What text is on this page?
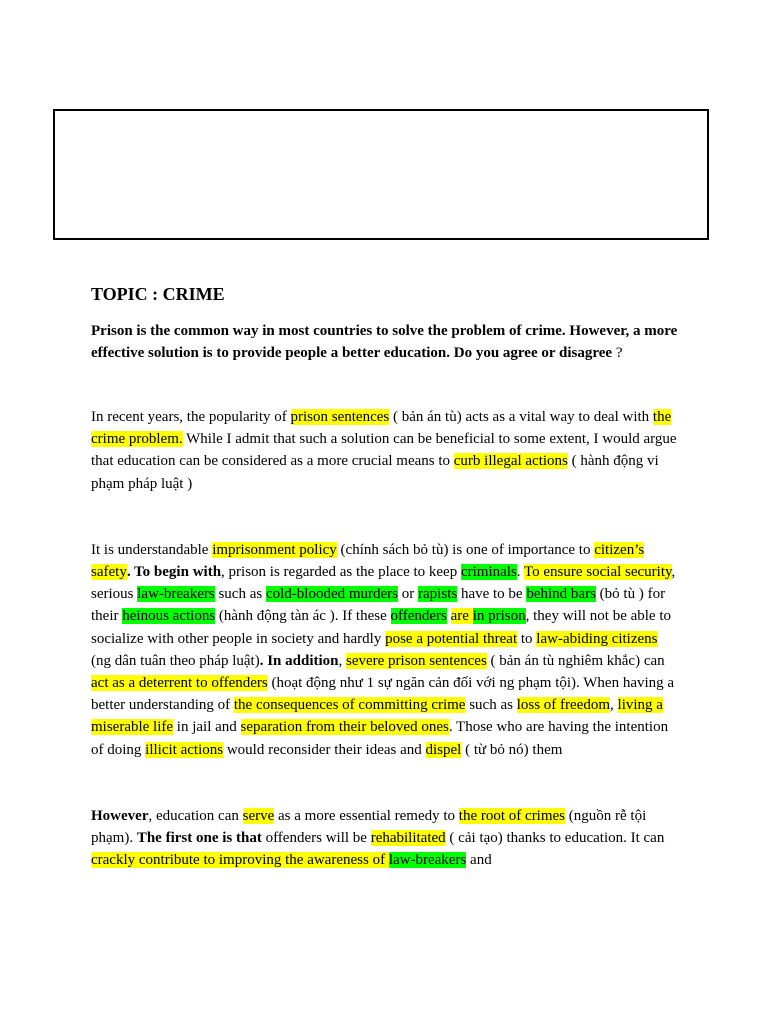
TOPIC : CRIME

Prison is the common way in most countries to solve the problem of crime. However, a more effective solution is to provide people a better education. Do you agree or disagree ?

In recent years, the popularity of prison sentences ( bản án tù) acts as a vital way to deal with the crime problem. While I admit that such a solution can be beneficial to some extent, I would argue that education can be considered as a more crucial means to curb illegal actions ( hành động vi phạm pháp luật )

It is understandable imprisonment policy (chính sách bỏ tù) is one of importance to citizen’s safety. To begin with, prison is regarded as the place to keep criminals. To ensure social security, serious law-breakers such as cold-blooded murders or rapists have to be behind bars (bỏ tù ) for their heinous actions (hành động tàn ác ). If these offenders are in prison, they will not be able to socialize with other people in society and hardly pose a potential threat to law-abiding citizens (ng dân tuân theo pháp luật). In addition, severe prison sentences ( bản án tù nghiêm khắc) can act as a deterrent to offenders (hoạt động như 1 sự ngăn cản đối với ng phạm tội). When having a better understanding of the consequences of committing crime such as loss of freedom, living a miserable life in jail and separation from their beloved ones. Those who are having the intention of doing illicit actions would reconsider their ideas and dispel ( từ bỏ nó) them

However, education can serve as a more essential remedy to the root of crimes (nguồn rễ tội phạm). The first one is that offenders will be rehabilitated ( cải tạo) thanks to education. It can crackly contribute to improving the awareness of law-breakers and
